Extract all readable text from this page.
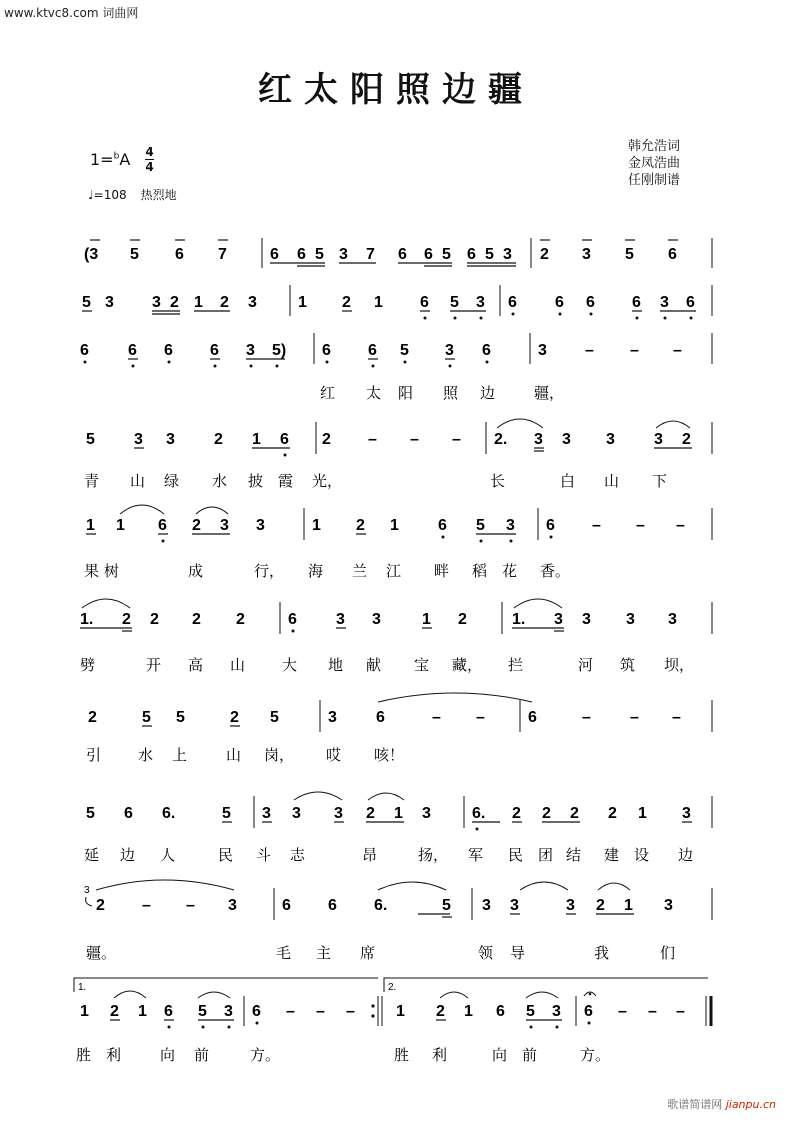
www.ktvc8.com 词曲网
红太阳照边疆
韩允浩词
金凤浩曲
任刚制谱
1=$^b$A 4
4
♩=108 热烈地
(3 5 6 7	6 6 5 3 7 6 6 5 6 5 3 2 3 5 6
5 3 3 2 1 2 3	1 2 1 6 5 3 6 6 6 6 3 6
6 6 6 6 3 5) 6 6 5 3 6	3 – – –
红 太 阳 照 边	疆，
5 3 3 2 1 6 2 – – – 2. 3 3 3 3 2
青 山 绿 水 披 霞 光，	长	白 山 下
1 1 6 2 3 3	1 2 1 6 5 3 6 – – –
果 树	成	行， 海 兰 江 畔 稻 花 香。
1. 2 2 2 2	6 3 3	1 2	1. 3 3 3 3
劈	开 高 山 大 地 献 宝 藏， 拦	河 筑 坝，
2	5 5	2 5	3 6	– –	6	– – –
引 水 上	山 岗， 哎 咳！
5 6 6.	5 3 3 3 2 1 3	6. 2 2 2 2 1 3
延 边 人	民 斗 志	昂	扬， 军 民 团 结 建 设 边
3
2 – – 3	6 6 6.	5 3 3	3 2 1 3
疆。	毛 主 席	领 导	我	们
1.	2.
1 2 1 6 5 3 6 – – –	1 2 1 6 5 3 6 – – –
胜 利	向 前	方。	胜 利	向 前	方。
歌谱简谱网 jianpu.cn
